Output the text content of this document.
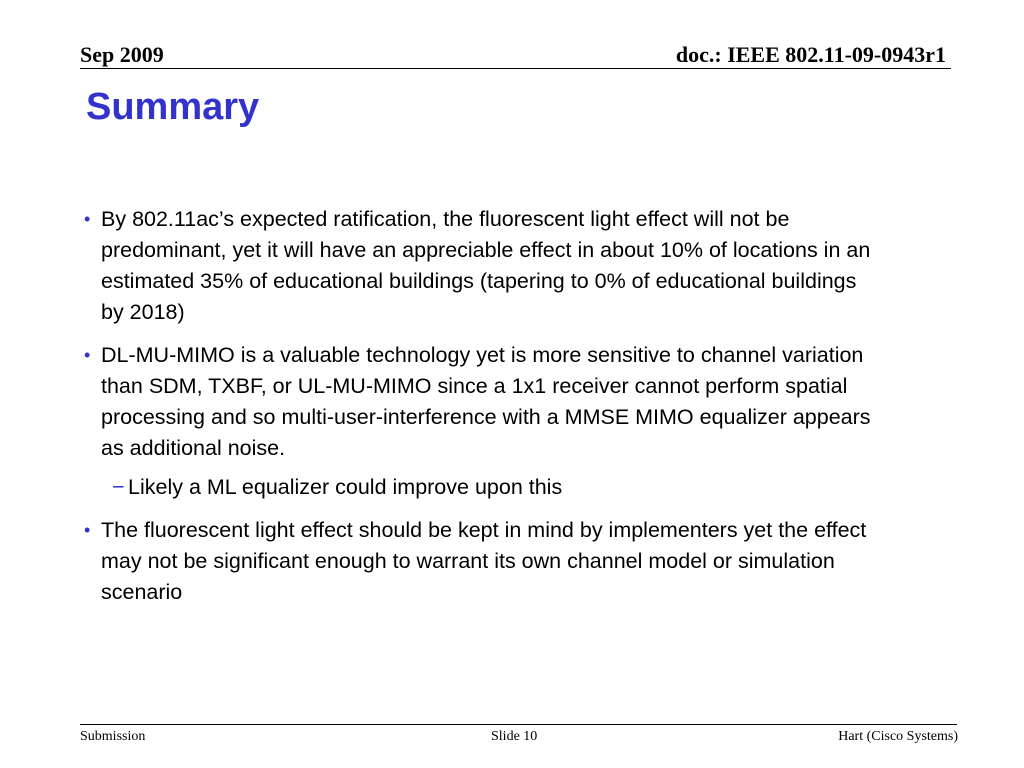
Sep 2009	doc.: IEEE 802.11-09-0943r1
Summary
• By 802.11ac’s expected ratification, the fluorescent light effect will not be predominant, yet it will have an appreciable effect in about 10% of locations in an estimated 35% of educational buildings (tapering to 0% of educational buildings by 2018)
• DL-MU-MIMO is a valuable technology yet is more sensitive to channel variation than SDM, TXBF, or UL-MU-MIMO since a 1x1 receiver cannot perform spatial processing and so multi-user-interference with a MMSE MIMO equalizer appears as additional noise.
− Likely a ML equalizer could improve upon this
• The fluorescent light effect should be kept in mind by implementers yet the effect may not be significant enough to warrant its own channel model or simulation scenario
Submission	Slide 10	Hart (Cisco Systems)
